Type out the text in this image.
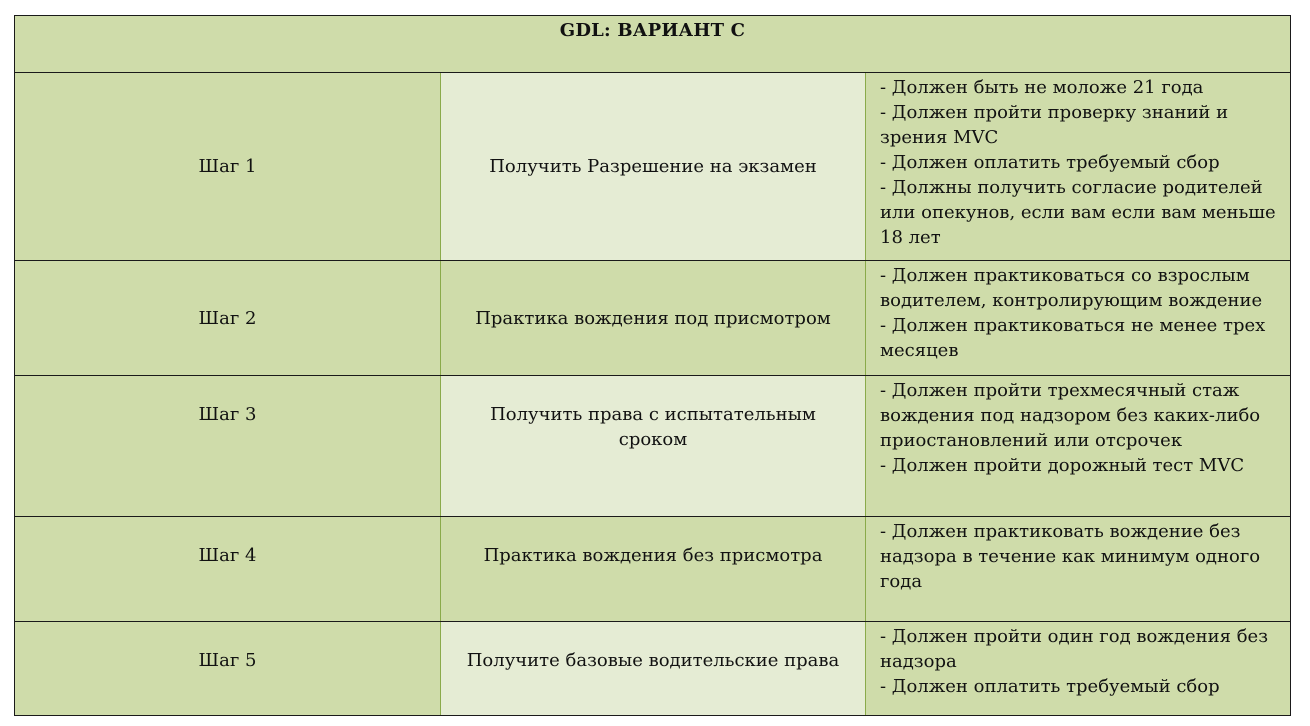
GDL: ВАРИАНТ C
Шаг 1	Получить Разрешение на экзамен
- Должен быть не моложе 21 года
- Должен пройти проверку знаний и зрения MVC
- Должен оплатить требуемый сбор
- Должны получить согласие родителей или опекунов, если вам если вам меньше 18 лет
Шаг 2	Практика вождения под присмотром
- Должен практиковаться со взрослым водителем, контролирующим вождение
- Должен практиковаться не менее трех месяцев
Шаг 3	Получить права с испытательным сроком
- Должен пройти трехмесячный стаж вождения под надзором без каких-либо приостановлений или отсрочек
- Должен пройти дорожный тест MVC
Шаг 4	Практика вождения без присмотра
- Должен практиковать вождение без надзора в течение как минимум одного года
Шаг 5	Получите базовые водительские права
- Должен пройти один год вождения без надзора
- Должен оплатить требуемый сбор
